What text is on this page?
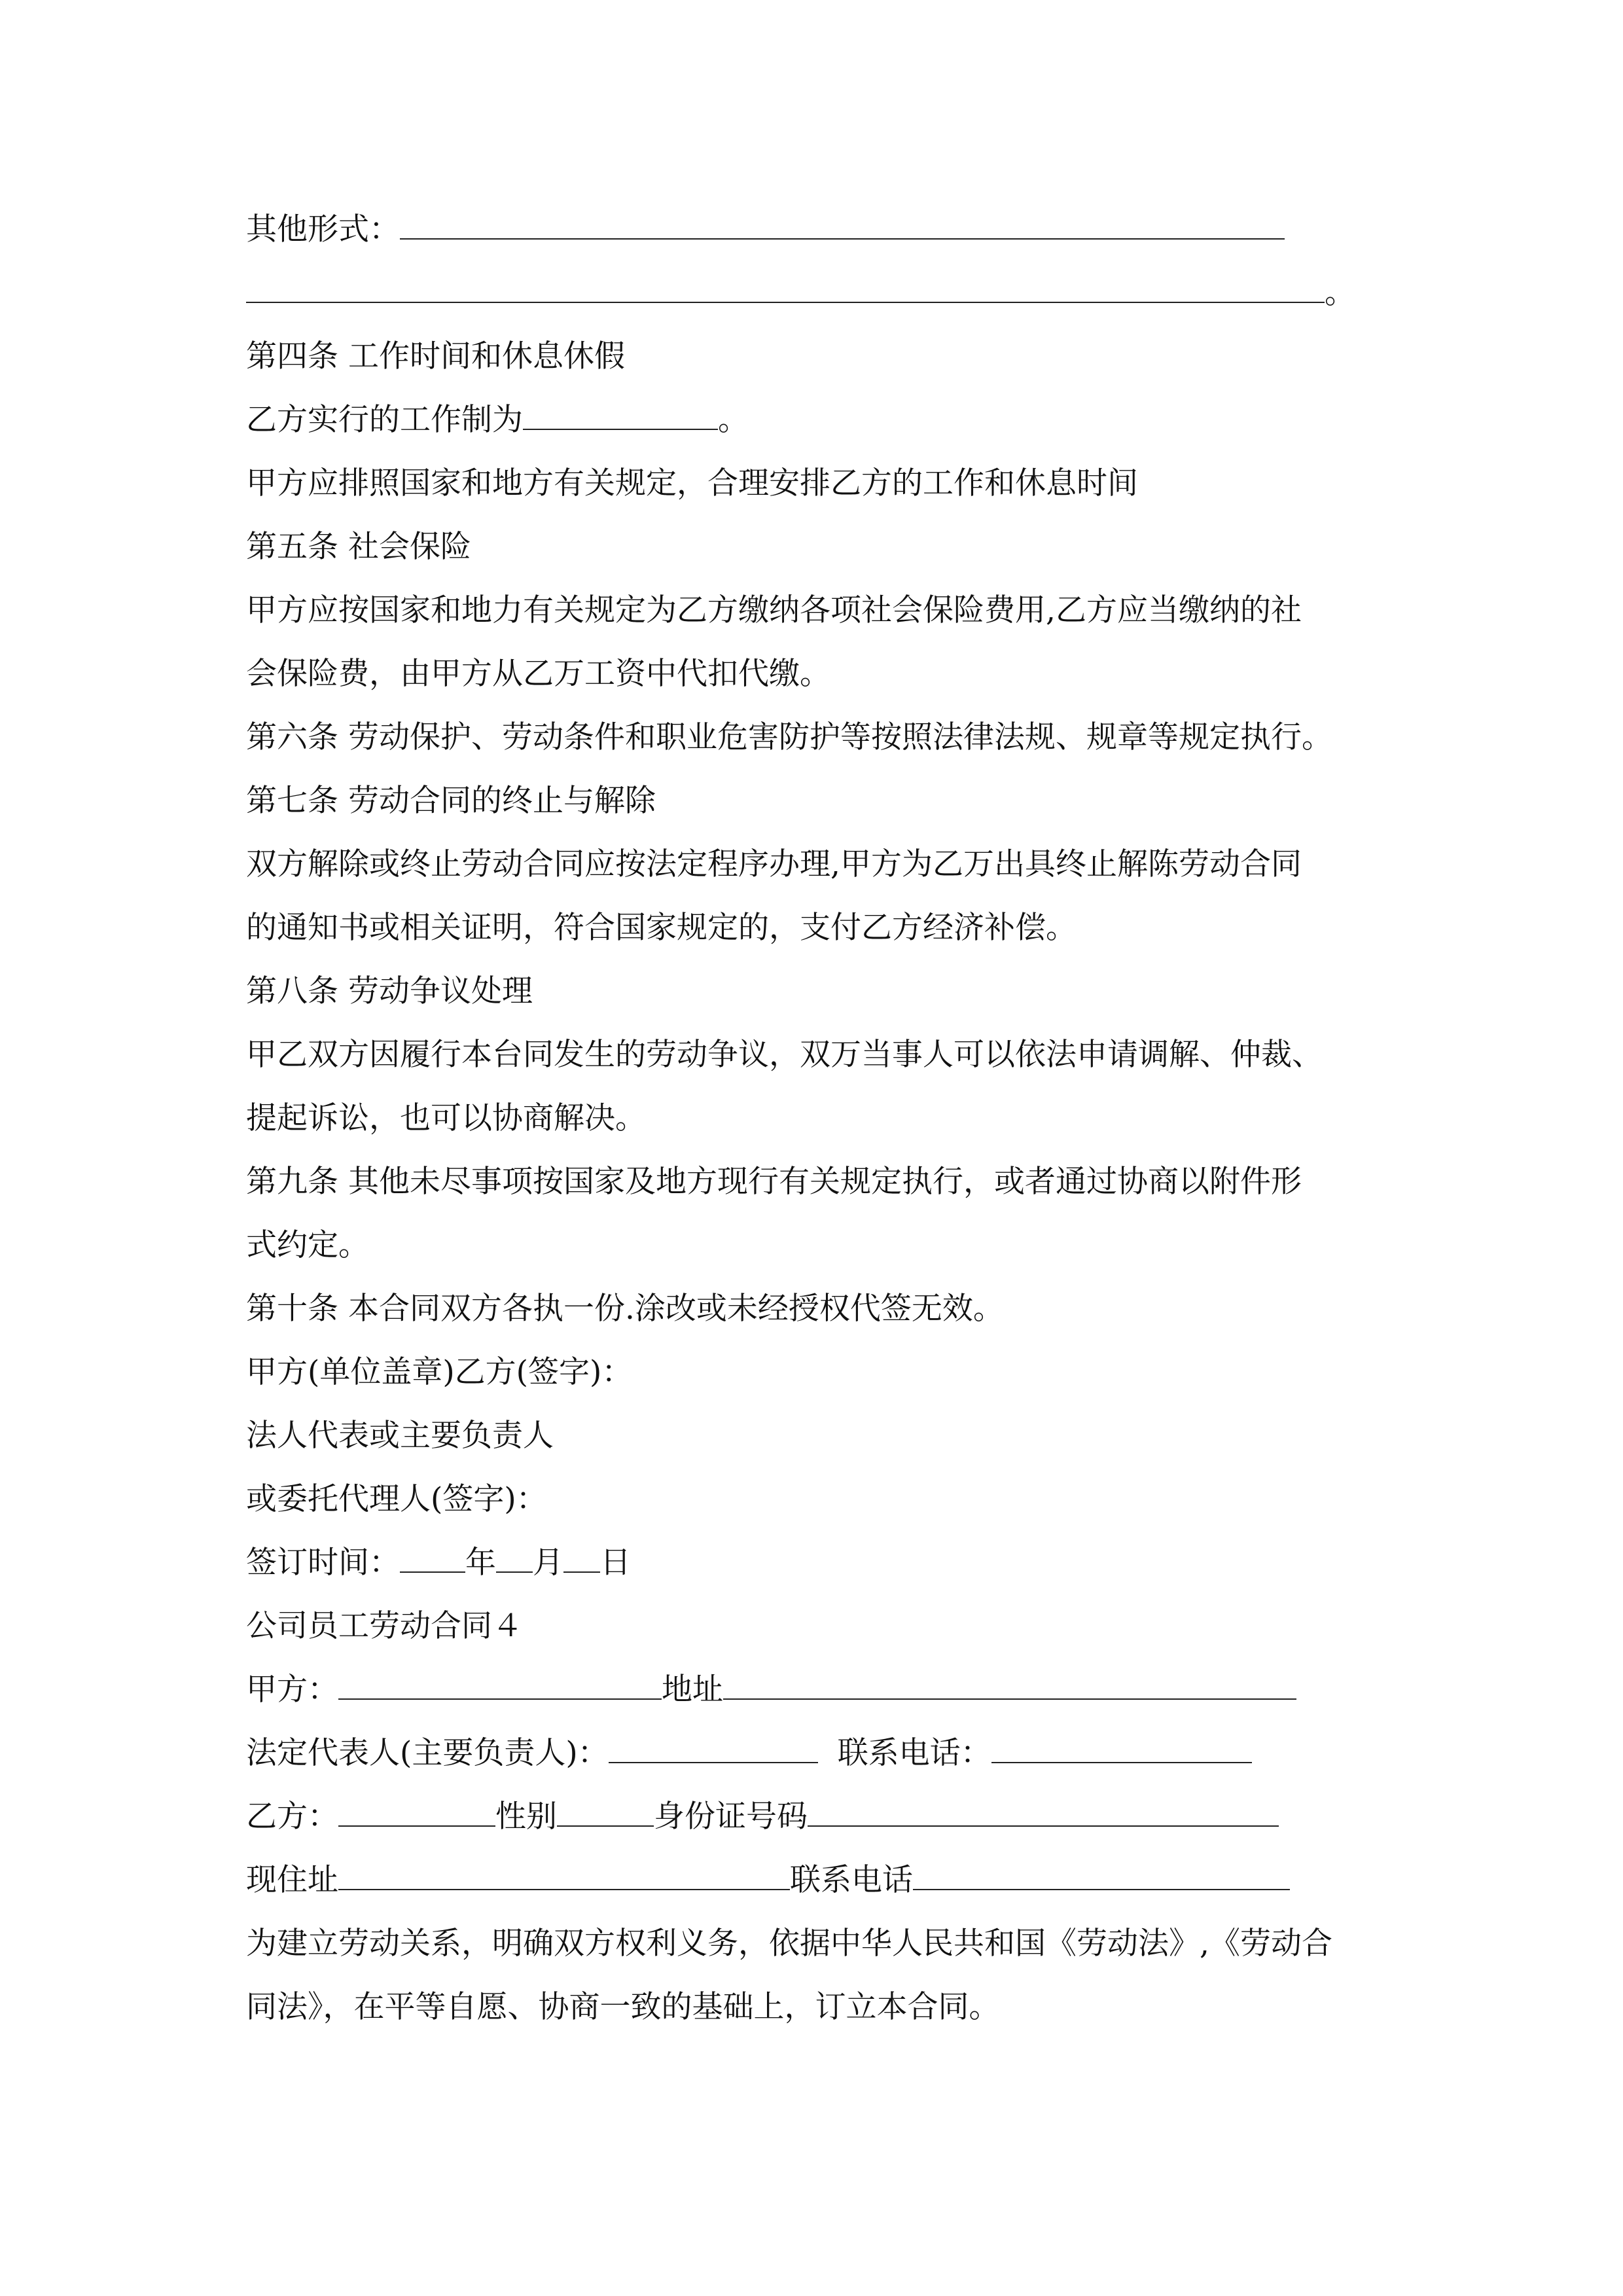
其他形式：
。
第四条 工作时间和休息休假
乙方实行的工作制为	。
甲方应排照国家和地方有关规定，合理安排乙方的工作和休息时间
第五条 社会保险
甲方应按国家和地力有关规定为乙方缴纳各项社会保险费用,乙方应当缴纳的社
会保险费，由甲方从乙万工资中代扣代缴。
第六条 劳动保护、劳动条件和职业危害防护等按照法律法规、规章等规定执行。
第七条 劳动合同的终止与解除
双方解除或终止劳动合同应按法定程序办理,甲方为乙万出具终止解陈劳动合同
的通知书或相关证明，符合国家规定的，支付乙方经济补偿。
第八条 劳动争议处理
甲乙双方因履行本台同发生的劳动争议，双万当事人可以依法申请调解、仲裁、
提起诉讼，也可以协商解决。
第九条 其他未尽事项按国家及地方现行有关规定执行，或者通过协商以附件形
式约定。
第十条 本合同双方各执一份.涂改或未经授权代签无效。
甲方(单位盖章)乙方(签字)：
法人代表或主要负责人
或委托代理人(签字)：
签订时间： 年 月 日
公司员工劳动合同４
甲方：	地址
法定代表人(主要负责人)：	联系电话：
乙方：	性别	身份证号码
现住址	联系电话
为建立劳动关系，明确双方权利义务，依据中华人民共和国《劳动法》,《劳动合
同法》，在平等自愿、协商一致的基础上，订立本合同。
